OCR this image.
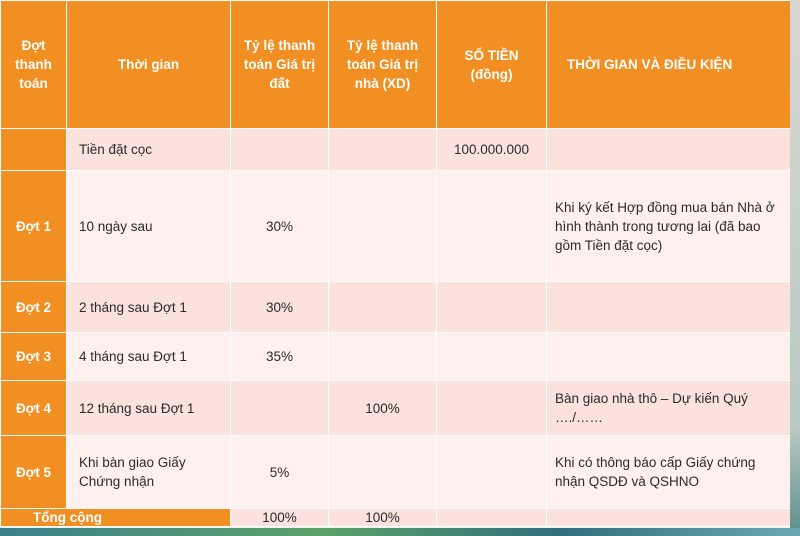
Đợt thanh toán	Thời gian	Tỷ lệ thanh toán Giá trị đất	Tỷ lệ thanh toán Giá trị nhà (XD)	SỐ TIỀN (đồng)	THỜI GIAN VÀ ĐIỀU KIỆN
	Tiền đặt cọc			100.000.000	
Đợt 1	10 ngày sau	30%			Khi ký kết Hợp đồng mua bán Nhà ở hình thành trong tương lai (đã bao gồm Tiền đặt cọc)
Đợt 2	2 tháng sau Đợt 1	30%			
Đợt 3	4 tháng sau Đợt 1	35%			
Đợt 4	12 tháng sau Đợt 1		100%		Bàn giao nhà thô – Dự kiến Quý …./……
Đợt 5	Khi bàn giao Giấy Chứng nhận	5%			Khi có thông báo cấp Giấy chứng nhận QSDĐ và QSHNO
Tổng cộng		100%	100%		
